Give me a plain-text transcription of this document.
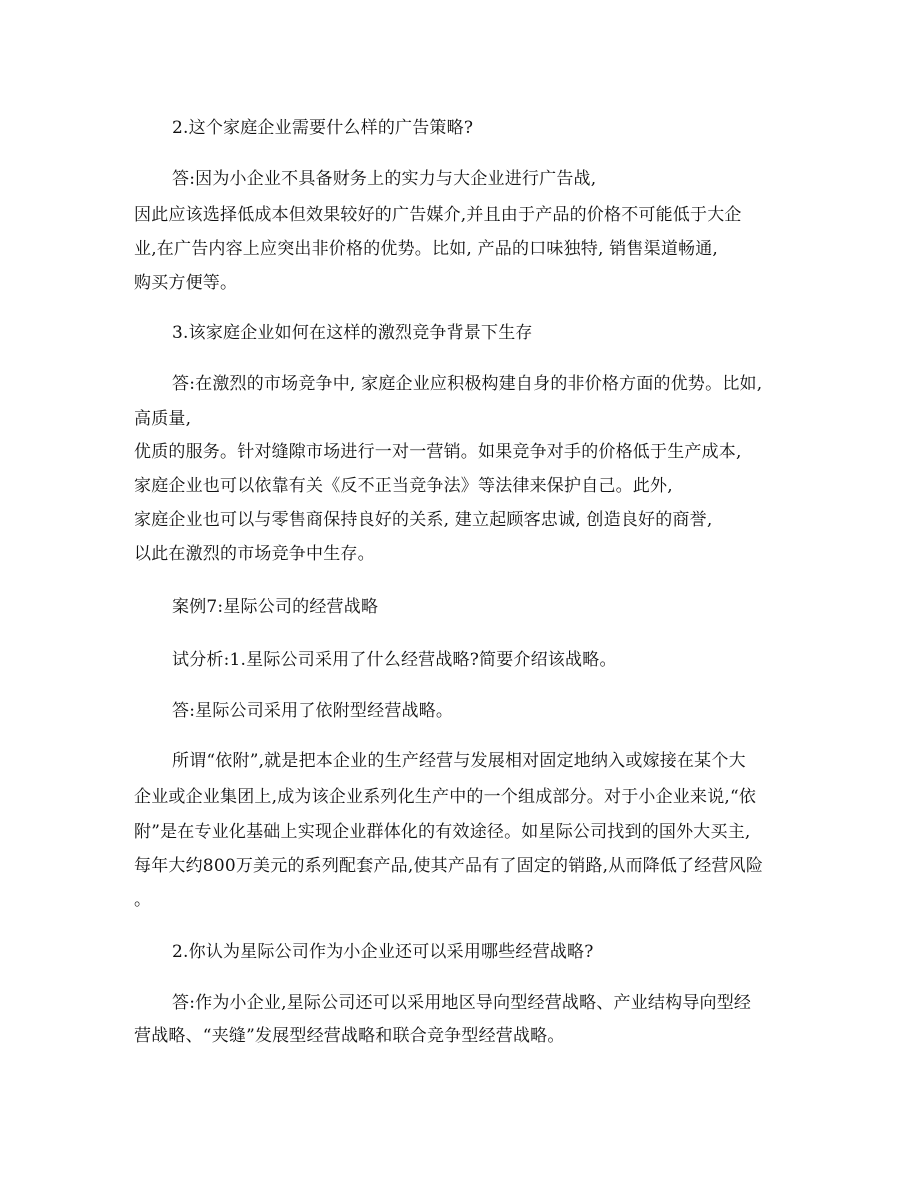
2.这个家庭企业需要什么样的广告策略?

答:因为小企业不具备财务上的实力与大企业进行广告战,

因此应该选择低成本但效果较好的广告媒介,并且由于产品的价格不可能低于大企

业,在广告内容上应突出非价格的优势。比如, 产品的口味独特, 销售渠道畅通,

购买方便等。

3.该家庭企业如何在这样的激烈竞争背景下生存

答:在激烈的市场竞争中, 家庭企业应积极构建自身的非价格方面的优势。比如,

高质量,

优质的服务。针对缝隙市场进行一对一营销。如果竞争对手的价格低于生产成本,

家庭企业也可以依靠有关《反不正当竞争法》等法律来保护自己。此外,

家庭企业也可以与零售商保持良好的关系, 建立起顾客忠诚, 创造良好的商誉,

以此在激烈的市场竞争中生存。

案例7:星际公司的经营战略

试分析:1.星际公司采用了什么经营战略?简要介绍该战略。

答:星际公司采用了依附型经营战略。

所谓“依附”,就是把本企业的生产经营与发展相对固定地纳入或嫁接在某个大

企业或企业集团上,成为该企业系列化生产中的一个组成部分。对于小企业来说,“依

附”是在专业化基础上实现企业群体化的有效途径。如星际公司找到的国外大买主,

每年大约800万美元的系列配套产品,使其产品有了固定的销路,从而降低了经营风险

。

2.你认为星际公司作为小企业还可以采用哪些经营战略?

答:作为小企业,星际公司还可以采用地区导向型经营战略、产业结构导向型经

营战略、“夹缝”发展型经营战略和联合竞争型经营战略。
